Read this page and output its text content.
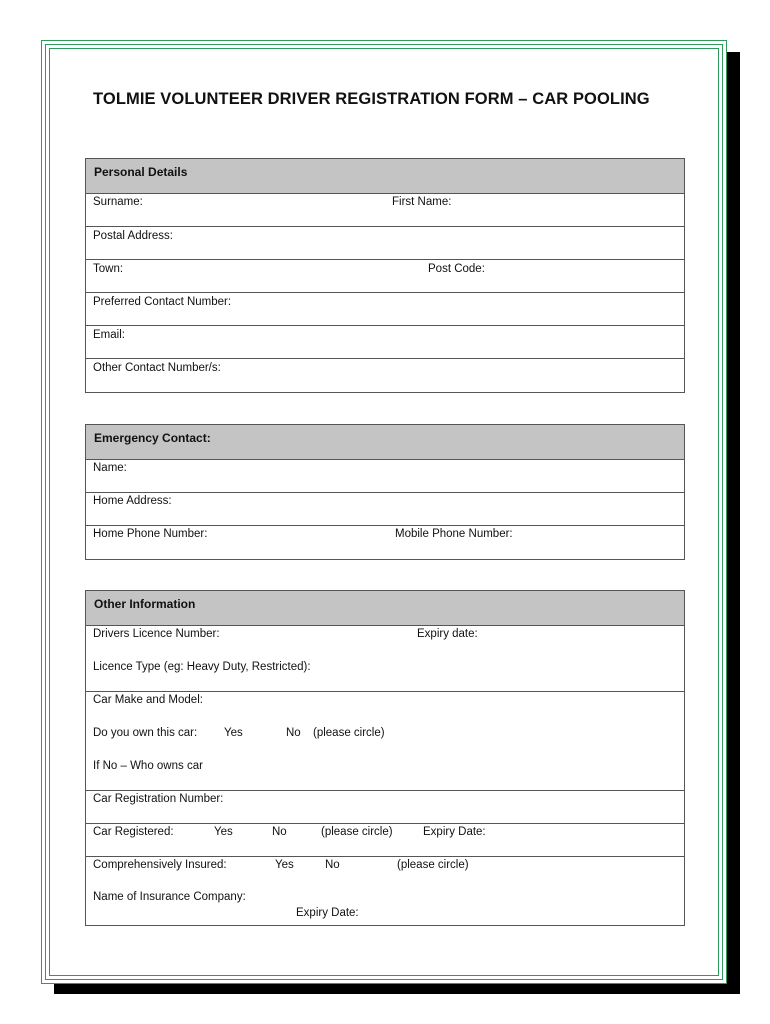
TOLMIE VOLUNTEER DRIVER REGISTRATION FORM – CAR POOLING
Personal Details
Surname:	First Name:
Postal Address:
Town:	Post Code:
Preferred Contact Number:
Email:
Other Contact Number/s:
Emergency Contact:
Name:
Home Address:
Home Phone Number:	Mobile Phone Number:
Other Information
Drivers Licence Number:	Expiry date:
Licence Type (eg: Heavy Duty, Restricted):
Car Make and Model:
Do you own this car: Yes	No (please circle)
If No – Who owns car
Car Registration Number:
Car Registered:	Yes	No	(please circle)	Expiry Date:
Comprehensively Insured:	Yes	No	(please circle)
Name of Insurance Company:
Expiry Date:
